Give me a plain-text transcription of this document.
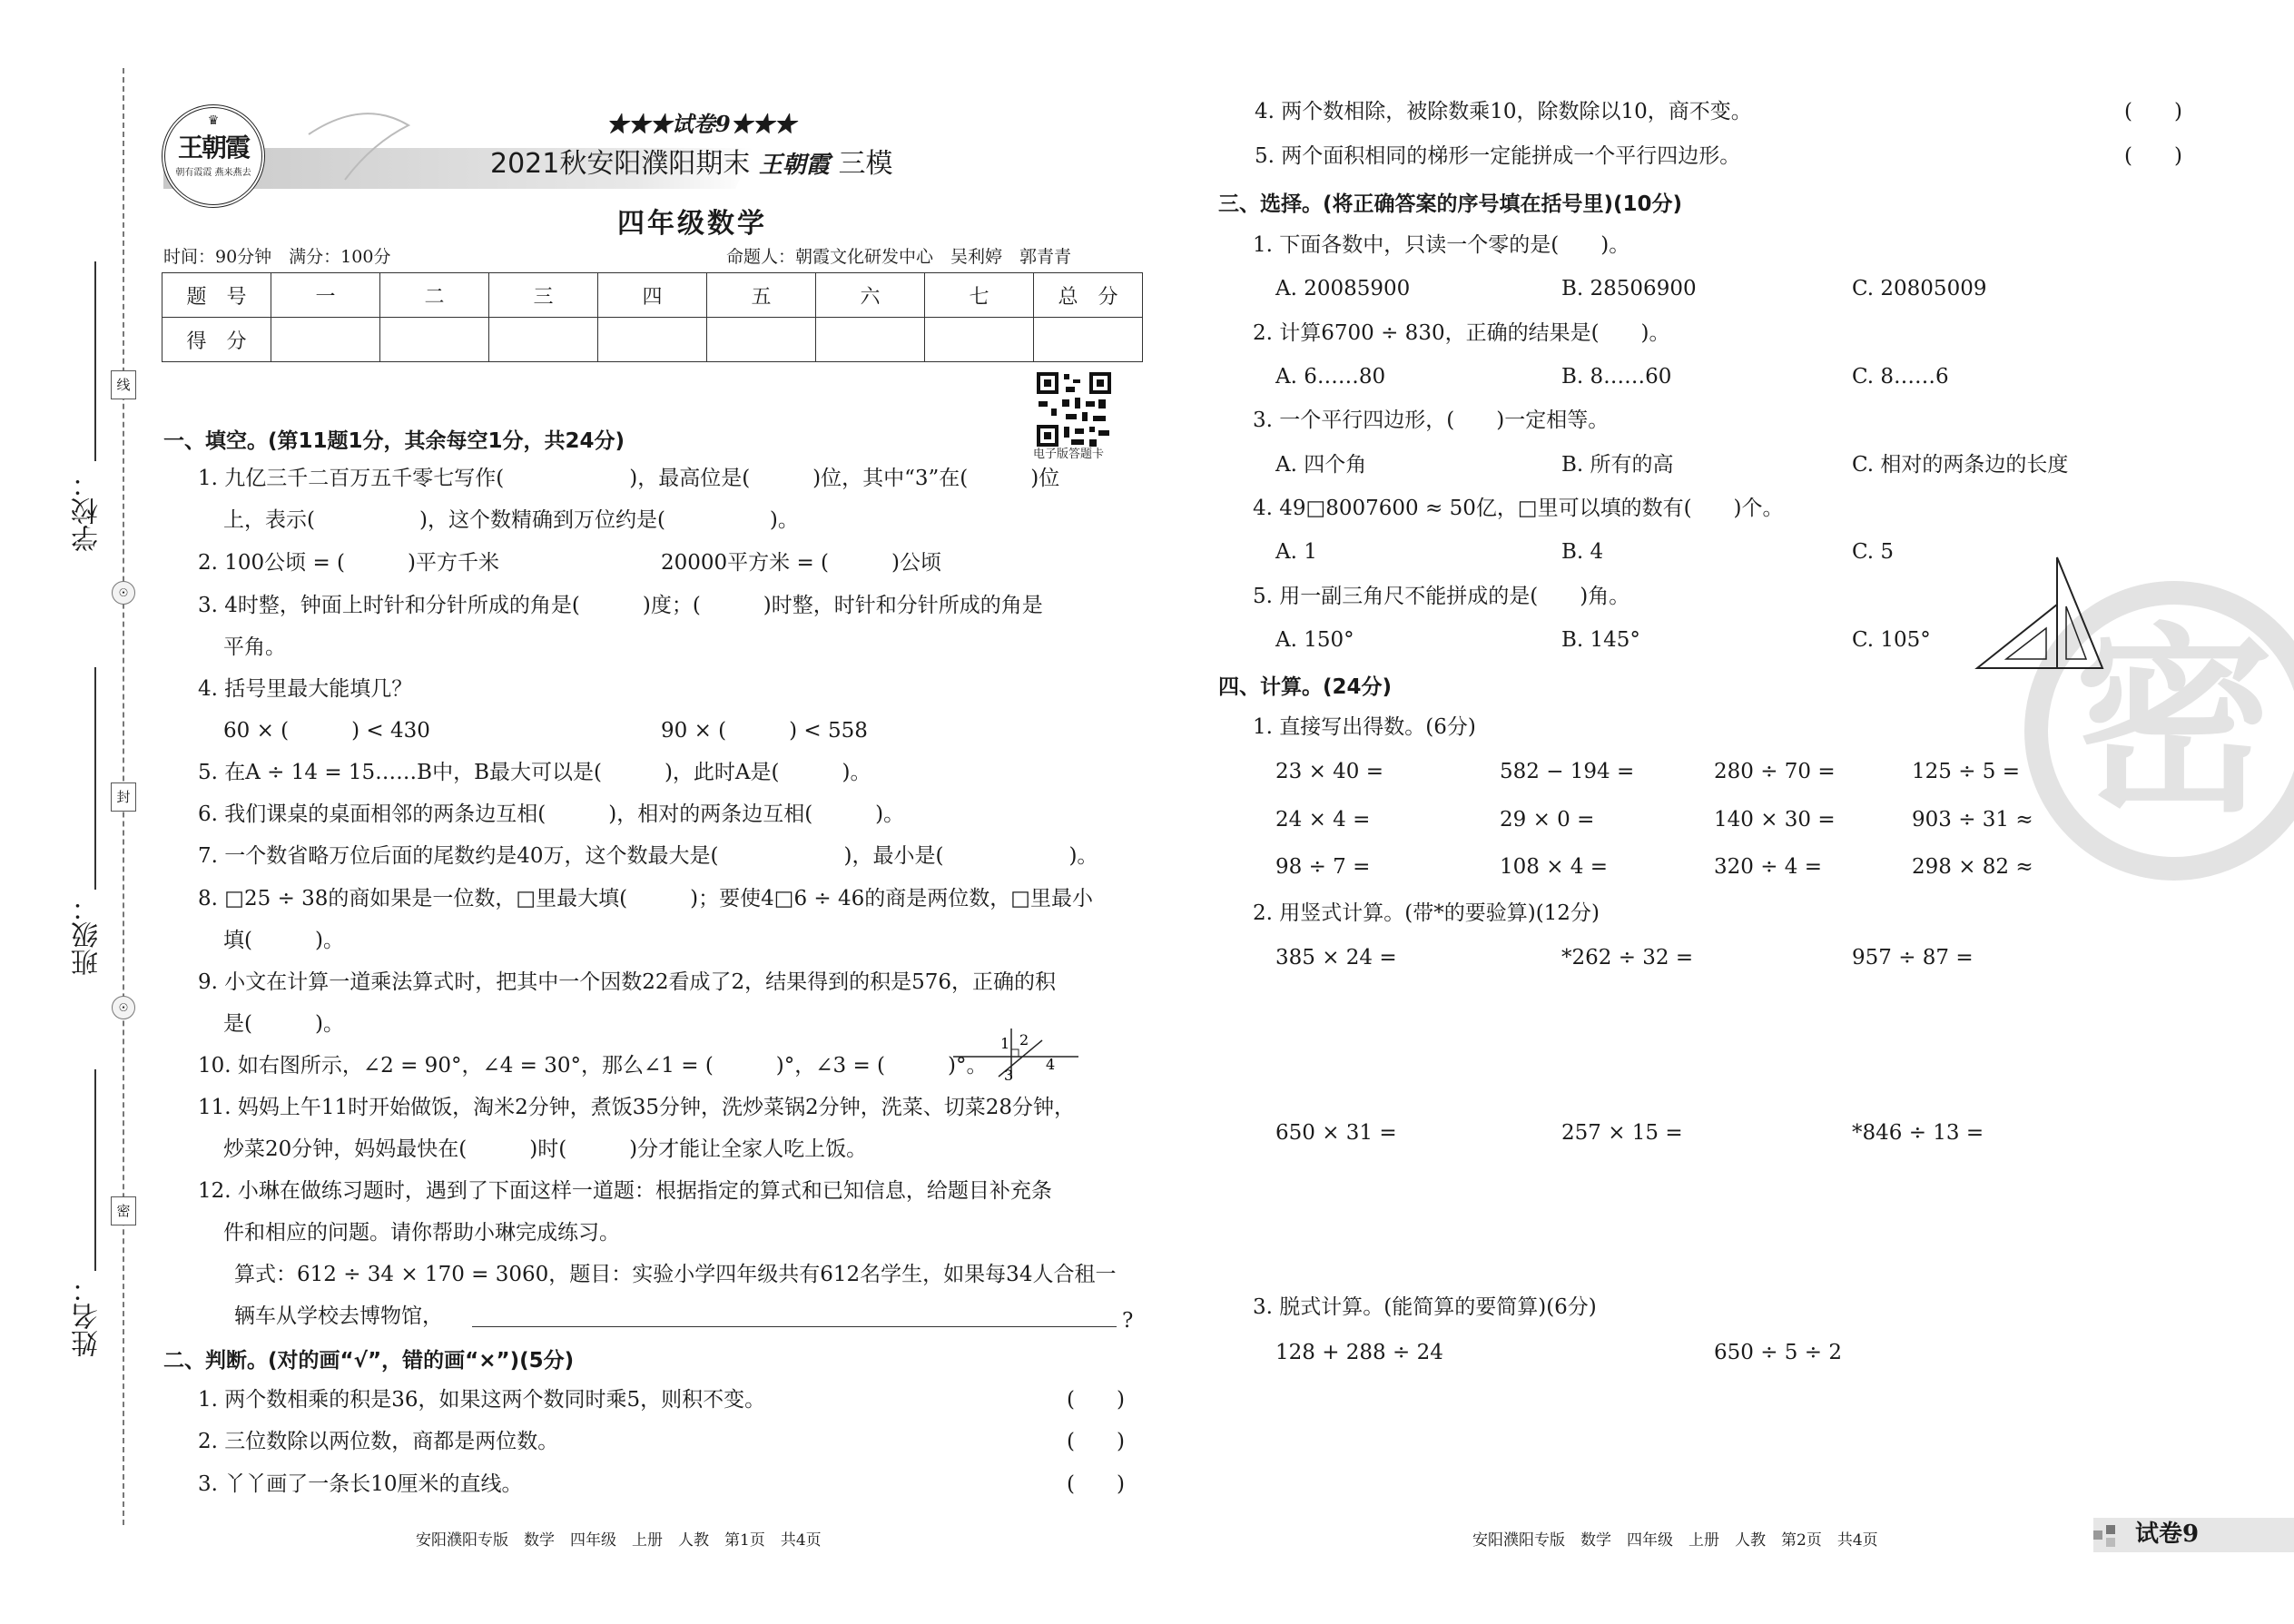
线
☉
封
☉
密
学校：
班级：
姓名：
♛
王朝霞
朝有霞霞 燕来燕去
★★★试卷9★★★
2021秋安阳濮阳期末 王朝霞 三模
四年级数学
时间：90分钟　满分：100分	命题人：朝霞文化研发中心　吴利婷　郭青青
题　号	一	二	三	四	五	六	七	总　分
得　分								
电子版答题卡
一、填空。(第11题1分，其余每空1分，共24分)
1. 九亿三千二百万五千零七写作(　　　　　　)，最高位是(　　　)位，其中“3”在(　　　)位
上，表示(　　　　　)，这个数精确到万位约是(　　　　　)。
2. 100公顷 = (　　　)平方千米	20000平方米 = (　　　)公顷
3. 4时整，钟面上时针和分针所成的角是(　　　)度；(　　　)时整，时针和分针所成的角是
平角。
4. 括号里最大能填几？
60 × (　　　) < 430	90 × (　　　) < 558
5. 在A ÷ 14 = 15……B中，B最大可以是(　　　)，此时A是(　　　)。
6. 我们课桌的桌面相邻的两条边互相(　　　)，相对的两条边互相(　　　)。
7. 一个数省略万位后面的尾数约是40万，这个数最大是(　　　　　　)，最小是(　　　　　　)。
8. □25 ÷ 38的商如果是一位数，□里最大填(　　　)；要使4□6 ÷ 46的商是两位数，□里最小
填(　　　)。
9. 小文在计算一道乘法算式时，把其中一个因数22看成了2，结果得到的积是576，正确的积
是(　　　)。
10. 如右图所示，∠2 = 90°，∠4 = 30°，那么∠1 = (　　　)°，∠3 = (　　　)°。
1 2
3
4
11. 妈妈上午11时开始做饭，淘米2分钟，煮饭35分钟，洗炒菜锅2分钟，洗菜、切菜28分钟，
炒菜20分钟，妈妈最快在(　　　)时(　　　)分才能让全家人吃上饭。
12. 小琳在做练习题时，遇到了下面这样一道题：根据指定的算式和已知信息，给题目补充条
件和相应的问题。请你帮助小琳完成练习。
算式：612 ÷ 34 × 170 = 3060，题目：实验小学四年级共有612名学生，如果每34人合租一
辆车从学校去博物馆，	?
二、判断。(对的画“√”，错的画“×”)(5分)
1. 两个数相乘的积是36，如果这两个数同时乘5，则积不变。	(　　)
2. 三位数除以两位数，商都是两位数。	(　　)
3. 丫丫画了一条长10厘米的直线。	(　　)
4. 两个数相除，被除数乘10，除数除以10，商不变。	(　　)
5. 两个面积相同的梯形一定能拼成一个平行四边形。	(　　)
密
三、选择。(将正确答案的序号填在括号里)(10分)
1. 下面各数中，只读一个零的是(　　)。
A. 20085900	B. 28506900	C. 20805009
2. 计算6700 ÷ 830，正确的结果是(　　)。
A. 6……80	B. 8……60	C. 8……6
3. 一个平行四边形，(　　)一定相等。
A. 四个角	B. 所有的高	C. 相对的两条边的长度
4. 49□8007600 ≈ 50亿，□里可以填的数有(　　)个。
A. 1	B. 4	C. 5
5. 用一副三角尺不能拼成的是(　　)角。
A. 150°	B. 145°	C. 105°
四、计算。(24分)
1. 直接写出得数。(6分)
23 × 40 =	582 − 194 =	280 ÷ 70 =	125 ÷ 5 =
24 × 4 =	29 × 0 =	140 × 30 =	903 ÷ 31 ≈
98 ÷ 7 =	108 × 4 =	320 ÷ 4 =	298 × 82 ≈
2. 用竖式计算。(带*的要验算)(12分)
385 × 24 =	*262 ÷ 32 =	957 ÷ 87 =
650 × 31 =	257 × 15 =	*846 ÷ 13 =
3. 脱式计算。(能简算的要简算)(6分)
128 + 288 ÷ 24	650 ÷ 5 ÷ 2
安阳濮阳专版　数学　四年级　上册　人教　第1页　共4页	安阳濮阳专版　数学　四年级　上册　人教　第2页　共4页	试卷9
